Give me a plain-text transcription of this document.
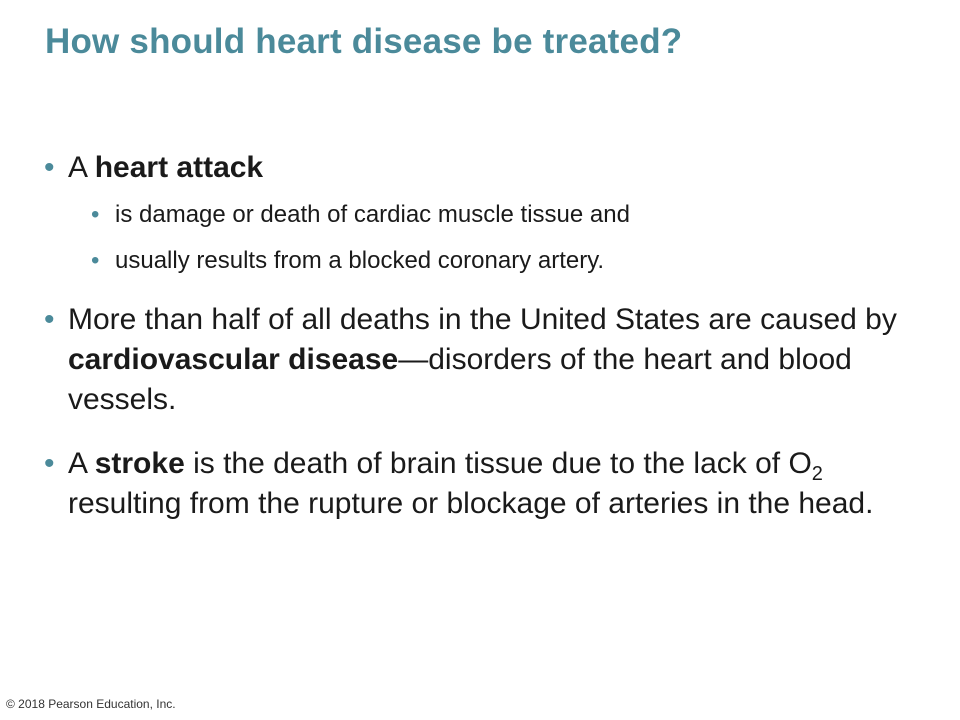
How should heart disease be treated?
• A heart attack
• is damage or death of cardiac muscle tissue and
• usually results from a blocked coronary artery.
• More than half of all deaths in the United States are caused by cardiovascular disease—disorders of the heart and blood vessels.
• A stroke is the death of brain tissue due to the lack of $O_2$ resulting from the rupture or blockage of arteries in the head.
© 2018 Pearson Education, Inc.
